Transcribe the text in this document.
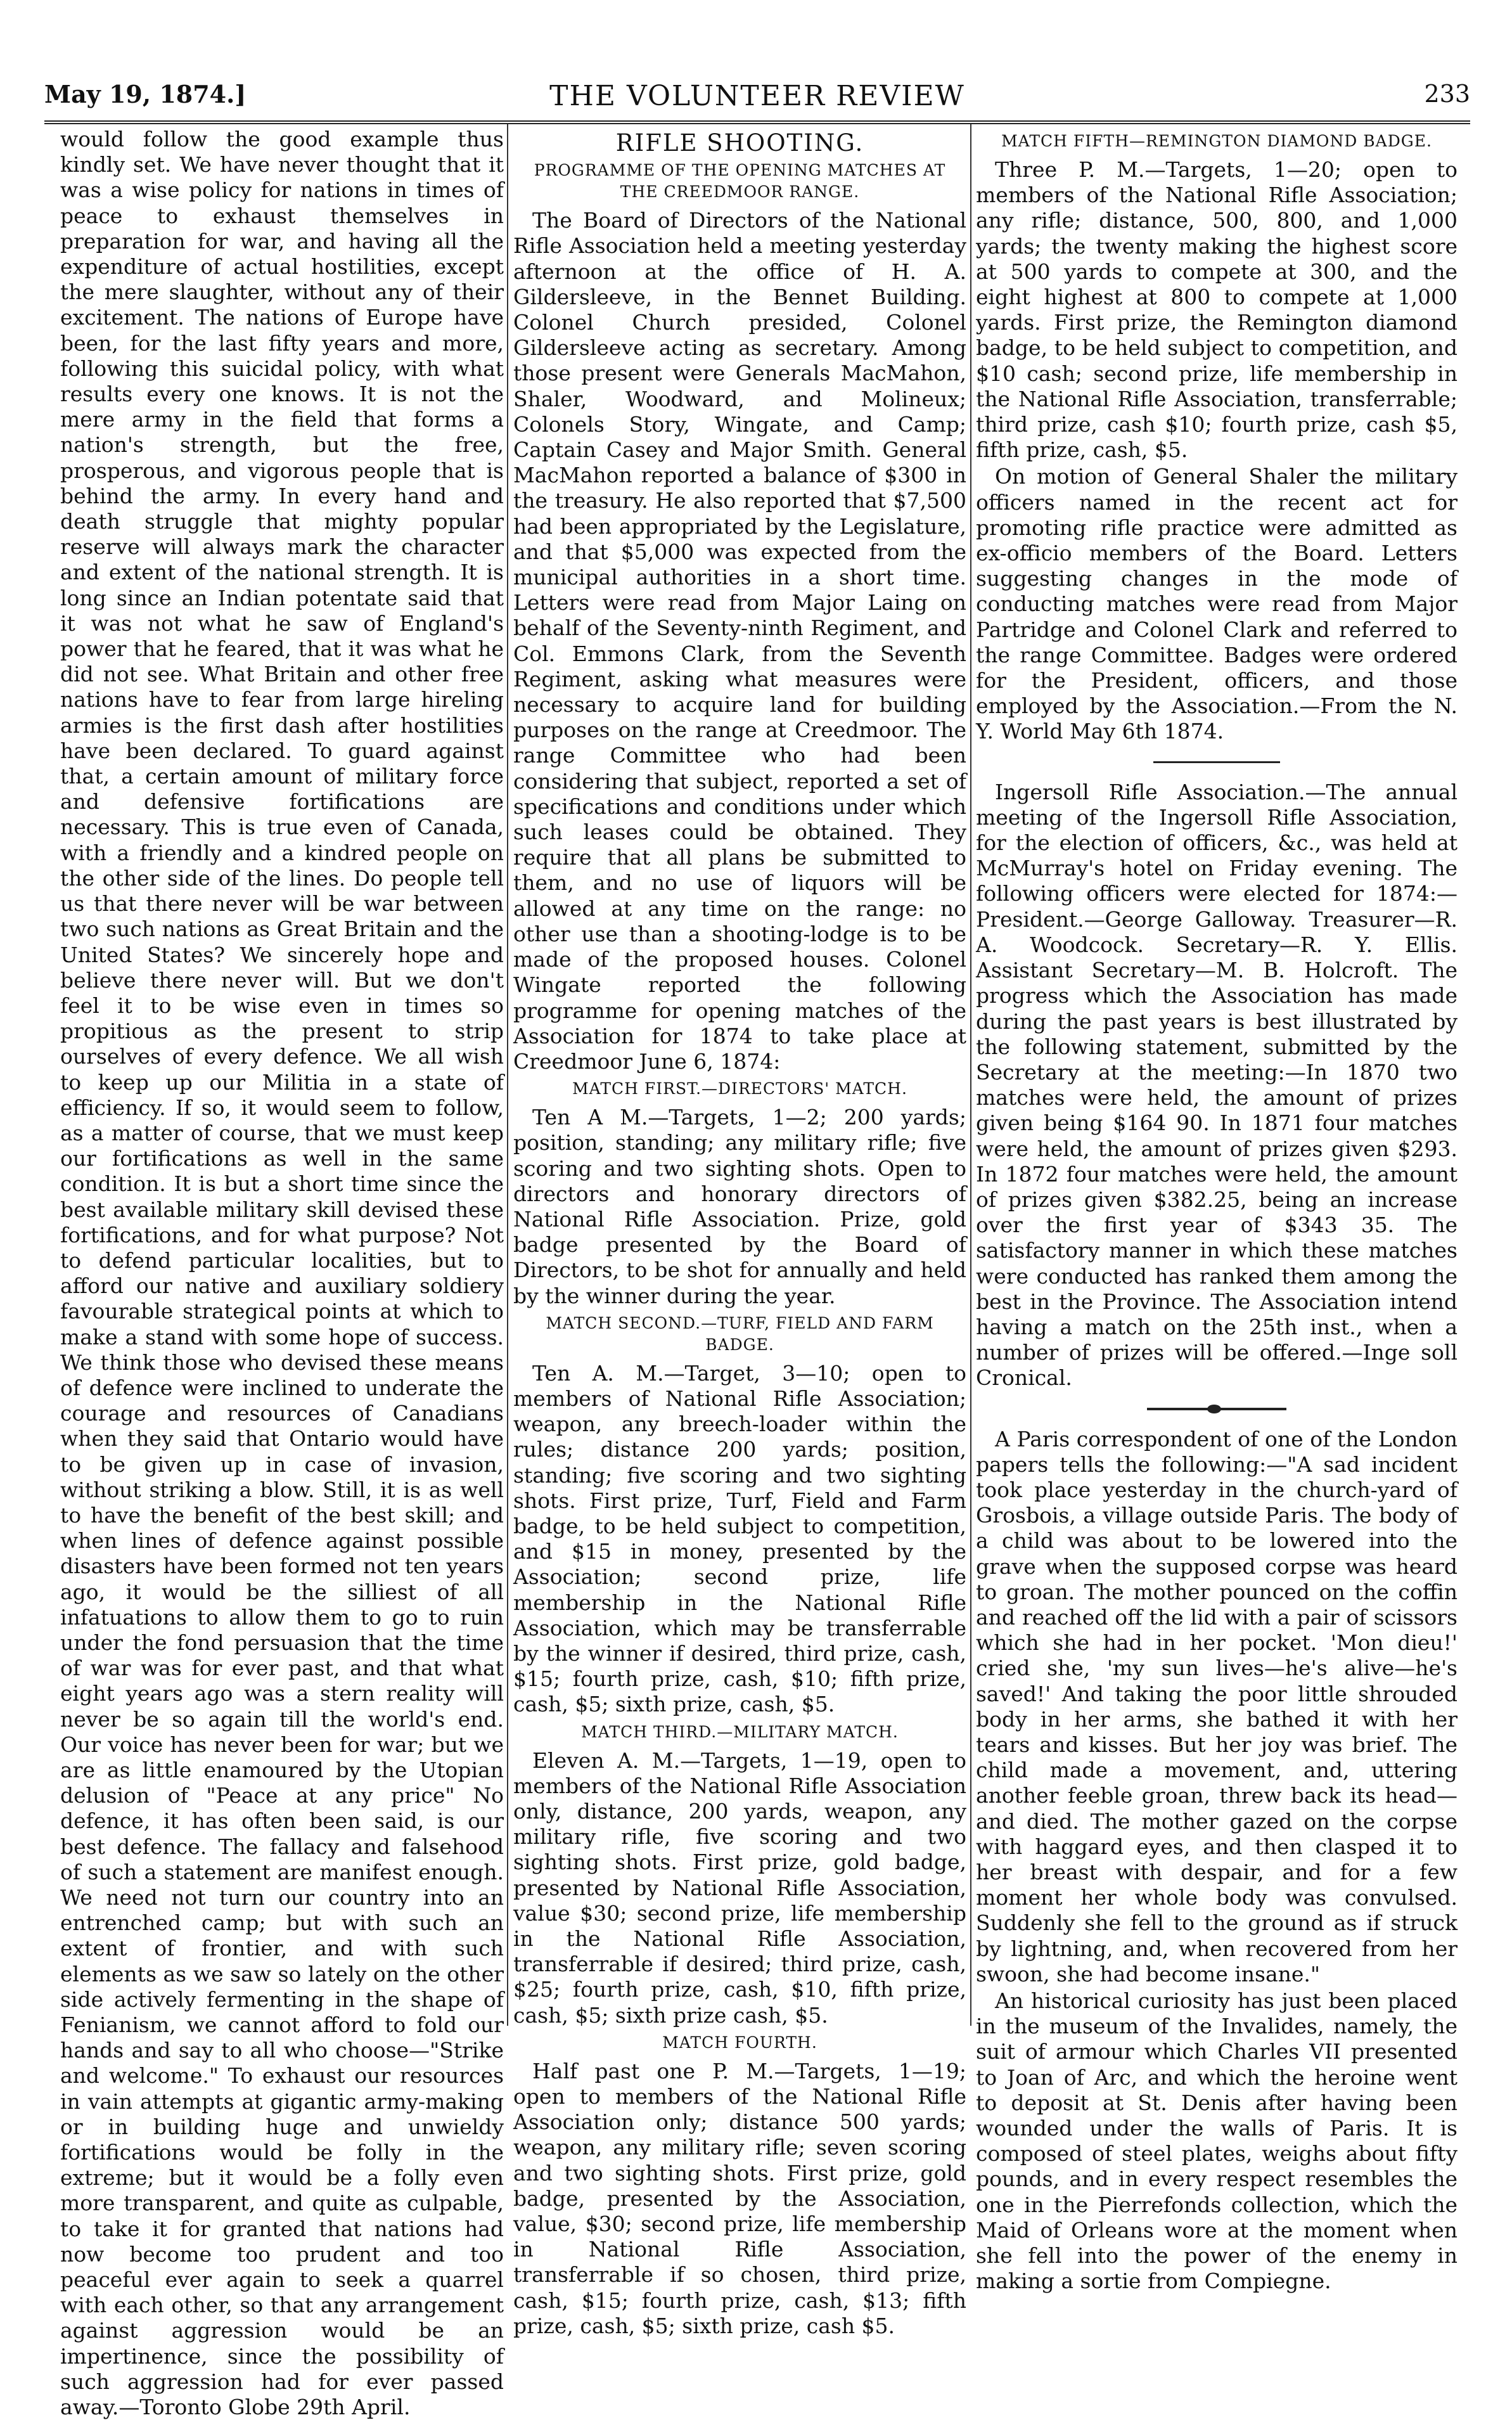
May 19, 1874.]	THE VOLUNTEER REVIEW	233

would follow the good example thus kindly set. We have never thought that it was a wise policy for nations in times of peace to exhaust themselves in preparation for war, and having all the expenditure of actual hostilities, except the mere slaughter, without any of their excitement. The nations of Europe have been, for the last fifty years and more, following this suicidal policy, with what results every one knows. It is not the mere army in the field that forms a nation's strength, but the free, prosperous, and vigorous people that is behind the army. In every hand and death struggle that mighty popular reserve will always mark the character and extent of the national strength. It is long since an Indian potentate said that it was not what he saw of England's power that he feared, that it was what he did not see. What Britain and other free nations have to fear from large hireling armies is the first dash after hostilities have been declared. To guard against that, a certain amount of military force and defensive fortifications are necessary. This is true even of Canada, with a friendly and a kindred people on the other side of the lines. Do people tell us that there never will be war between two such nations as Great Britain and the United States? We sincerely hope and believe there never will. But we don't feel it to be wise even in times so propitious as the present to strip ourselves of every defence. We all wish to keep up our Militia in a state of efficiency. If so, it would seem to follow, as a matter of course, that we must keep our fortifications as well in the same condition. It is but a short time since the best available military skill devised these fortifications, and for what purpose? Not to defend particular localities, but to afford our native and auxiliary soldiery favourable strategical points at which to make a stand with some hope of success. We think those who devised these means of defence were inclined to underate the courage and resources of Canadians when they said that Ontario would have to be given up in case of invasion, without striking a blow. Still, it is as well to have the benefit of the best skill; and when lines of defence against possible disasters have been formed not ten years ago, it would be the silliest of all infatuations to allow them to go to ruin under the fond persuasion that the time of war was for ever past, and that what eight years ago was a stern reality will never be so again till the world's end. Our voice has never been for war; but we are as little enamoured by the Utopian delusion of "Peace at any price" No defence, it has often been said, is our best defence. The fallacy and falsehood of such a statement are manifest enough. We need not turn our country into an entrenched camp; but with such an extent of frontier, and with such elements as we saw so lately on the other side actively fermenting in the shape of Fenianism, we cannot afford to fold our hands and say to all who choose—"Strike and welcome." To exhaust our resources in vain attempts at gigantic army-making or in building huge and unwieldy fortifications would be folly in the extreme; but it would be a folly even more transparent, and quite as culpable, to take it for granted that nations had now become too prudent and too peaceful ever again to seek a quarrel with each other, so that any arrangement against aggression would be an impertinence, since the possibility of such aggression had for ever passed away.—Toronto Globe 29th April.

RIFLE SHOOTING.
PROGRAMME OF THE OPENING MATCHES AT THE CREEDMOOR RANGE.

The Board of Directors of the National Rifle Association held a meeting yesterday afternoon at the office of H. A. Gildersleeve, in the Bennet Building. Colonel Church presided, Colonel Gildersleeve acting as secretary. Among those present were Generals MacMahon, Shaler, Woodward, and Molineux; Colonels Story, Wingate, and Camp; Captain Casey and Major Smith. General MacMahon reported a balance of $300 in the treasury. He also reported that $7,500 had been appropriated by the Legislature, and that $5,000 was expected from the municipal authorities in a short time. Letters were read from Major Laing on behalf of the Seventy-ninth Regiment, and Col. Emmons Clark, from the Seventh Regiment, asking what measures were necessary to acquire land for building purposes on the range at Creedmoor. The range Committee who had been considering that subject, reported a set of specifications and conditions under which such leases could be obtained. They require that all plans be submitted to them, and no use of liquors will be allowed at any time on the range: no other use than a shooting-lodge is to be made of the proposed houses. Colonel Wingate reported the following programme for opening matches of the Association for 1874 to take place at Creedmoor June 6, 1874:

MATCH FIRST.—DIRECTORS' MATCH.

Ten A M.—Targets, 1—2; 200 yards; position, standing; any military rifle; five scoring and two sighting shots. Open to directors and honorary directors of National Rifle Association. Prize, gold badge presented by the Board of Directors, to be shot for annually and held by the winner during the year.

MATCH SECOND.—TURF, FIELD AND FARM BADGE.

Ten A. M.—Target, 3—10; open to members of National Rifle Association; weapon, any breech-loader within the rules; distance 200 yards; position, standing; five scoring and two sighting shots. First prize, Turf, Field and Farm badge, to be held subject to competition, and $15 in money, presented by the Association; second prize, life membership in the National Rifle Association, which may be transferrable by the winner if desired, third prize, cash, $15; fourth prize, cash, $10; fifth prize, cash, $5; sixth prize, cash, $5.

MATCH THIRD.—MILITARY MATCH.

Eleven A. M.—Targets, 1—19, open to members of the National Rifle Association only, distance, 200 yards, weapon, any military rifle, five scoring and two sighting shots. First prize, gold badge, presented by National Rifle Association, value $30; second prize, life membership in the National Rifle Association, transferrable if desired; third prize, cash, $25; fourth prize, cash, $10, fifth prize, cash, $5; sixth prize cash, $5.

MATCH FOURTH.

Half past one P. M.—Targets, 1—19; open to members of the National Rifle Association only; distance 500 yards; weapon, any military rifle; seven scoring and two sighting shots. First prize, gold badge, presented by the Association, value, $30; second prize, life membership in National Rifle Association, transferrable if so chosen, third prize, cash, $15; fourth prize, cash, $13; fifth prize, cash, $5; sixth prize, cash $5.

MATCH FIFTH—REMINGTON DIAMOND BADGE.

Three P. M.—Targets, 1—20; open to members of the National Rifle Association; any rifle; distance, 500, 800, and 1,000 yards; the twenty making the highest score at 500 yards to compete at 300, and the eight highest at 800 to compete at 1,000 yards. First prize, the Remington diamond badge, to be held subject to competition, and $10 cash; second prize, life membership in the National Rifle Association, transferrable; third prize, cash $10; fourth prize, cash $5, fifth prize, cash, $5.

On motion of General Shaler the military officers named in the recent act for promoting rifle practice were admitted as ex-officio members of the Board. Letters suggesting changes in the mode of conducting matches were read from Major Partridge and Colonel Clark and referred to the range Committee. Badges were ordered for the President, officers, and those employed by the Association.—From the N. Y. World May 6th 1874.

Ingersoll Rifle Association.—The annual meeting of the Ingersoll Rifle Association, for the election of officers, &c., was held at McMurray's hotel on Friday evening. The following officers were elected for 1874:—President.—George Galloway. Treasurer—R. A. Woodcock. Secretary—R. Y. Ellis. Assistant Secretary—M. B. Holcroft. The progress which the Association has made during the past years is best illustrated by the following statement, submitted by the Secretary at the meeting:—In 1870 two matches were held, the amount of prizes given being $164 90. In 1871 four matches were held, the amount of prizes given $293. In 1872 four matches were held, the amount of prizes given $382.25, being an increase over the first year of $343 35. The satisfactory manner in which these matches were conducted has ranked them among the best in the Province. The Association intend having a match on the 25th inst., when a number of prizes will be offered.—Inge soll Cronical.

A Paris correspondent of one of the London papers tells the following:—"A sad incident took place yesterday in the church-yard of Grosbois, a village outside Paris. The body of a child was about to be lowered into the grave when the supposed corpse was heard to groan. The mother pounced on the coffin and reached off the lid with a pair of scissors which she had in her pocket. 'Mon dieu!' cried she, 'my sun lives—he's alive—he's saved!' And taking the poor little shrouded body in her arms, she bathed it with her tears and kisses. But her joy was brief. The child made a movement, and, uttering another feeble groan, threw back its head—and died. The mother gazed on the corpse with haggard eyes, and then clasped it to her breast with despair, and for a few moment her whole body was convulsed. Suddenly she fell to the ground as if struck by lightning, and, when recovered from her swoon, she had become insane."

An historical curiosity has just been placed in the museum of the Invalides, namely, the suit of armour which Charles VII presented to Joan of Arc, and which the heroine went to deposit at St. Denis after having been wounded under the walls of Paris. It is composed of steel plates, weighs about fifty pounds, and in every respect resembles the one in the Pierrefonds collection, which the Maid of Orleans wore at the moment when she fell into the power of the enemy in making a sortie from Compiegne.
